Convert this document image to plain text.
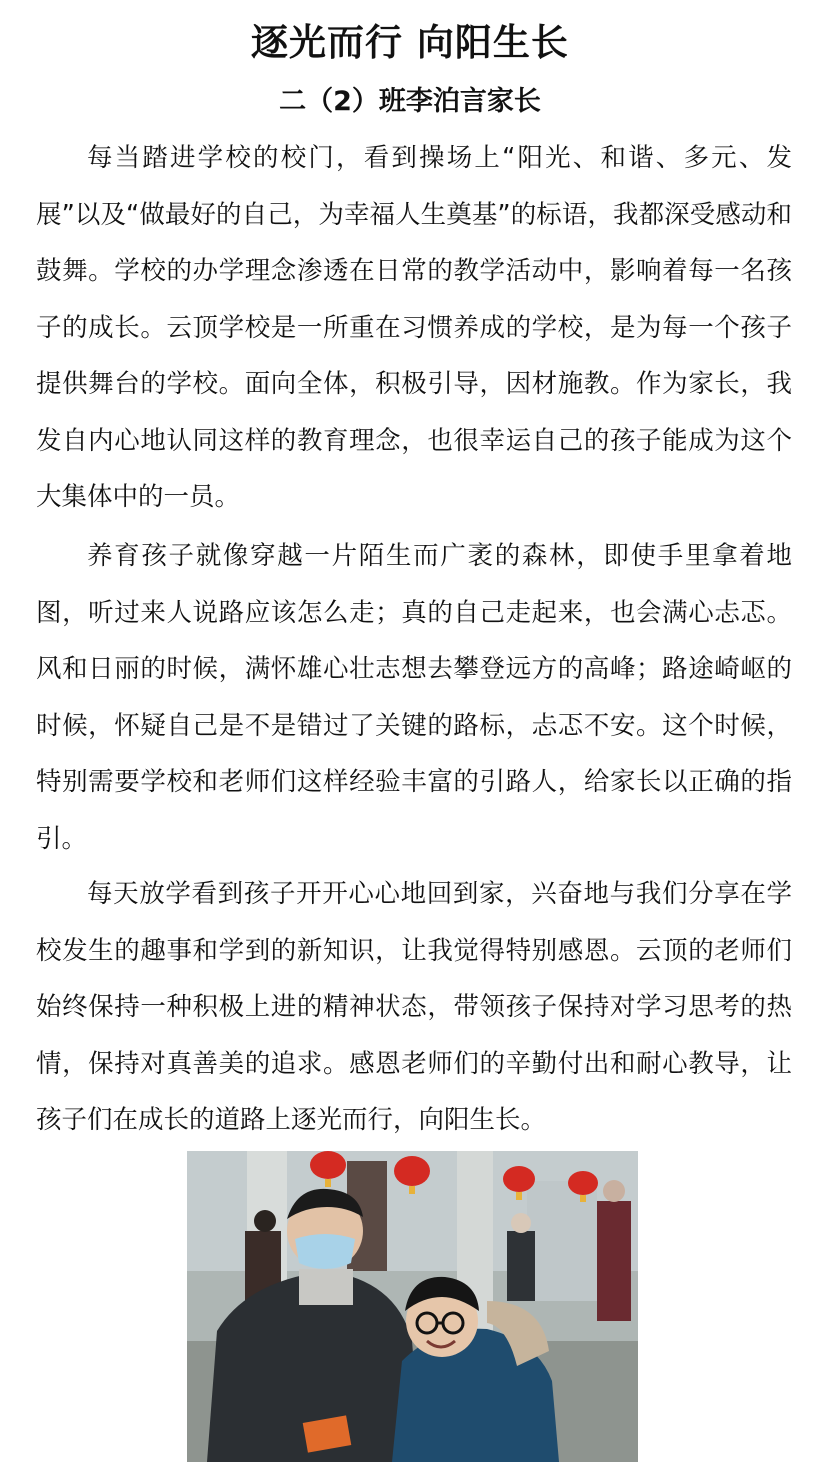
逐光而行 向阳生长
二（2）班李泊言家长

每当踏进学校的校门，看到操场上“阳光、和谐、多元、发展”以及“做最好的自己，为幸福人生奠基”的标语，我都深受感动和鼓舞。学校的办学理念渗透在日常的教学活动中，影响着每一名孩子的成长。云顶学校是一所重在习惯养成的学校，是为每一个孩子提供舞台的学校。面向全体，积极引导，因材施教。作为家长，我发自内心地认同这样的教育理念，也很幸运自己的孩子能成为这个大集体中的一员。

养育孩子就像穿越一片陌生而广袤的森林，即使手里拿着地图，听过来人说路应该怎么走；真的自己走起来，也会满心忐忑。风和日丽的时候，满怀雄心壮志想去攀登远方的高峰；路途崎岖的时候，怀疑自己是不是错过了关键的路标，忐忑不安。这个时候，特别需要学校和老师们这样经验丰富的引路人，给家长以正确的指引。

每天放学看到孩子开开心心地回到家，兴奋地与我们分享在学校发生的趣事和学到的新知识，让我觉得特别感恩。云顶的老师们始终保持一种积极上进的精神状态，带领孩子保持对学习思考的热情，保持对真善美的追求。感恩老师们的辛勤付出和耐心教导，让孩子们在成长的道路上逐光而行，向阳生长。
